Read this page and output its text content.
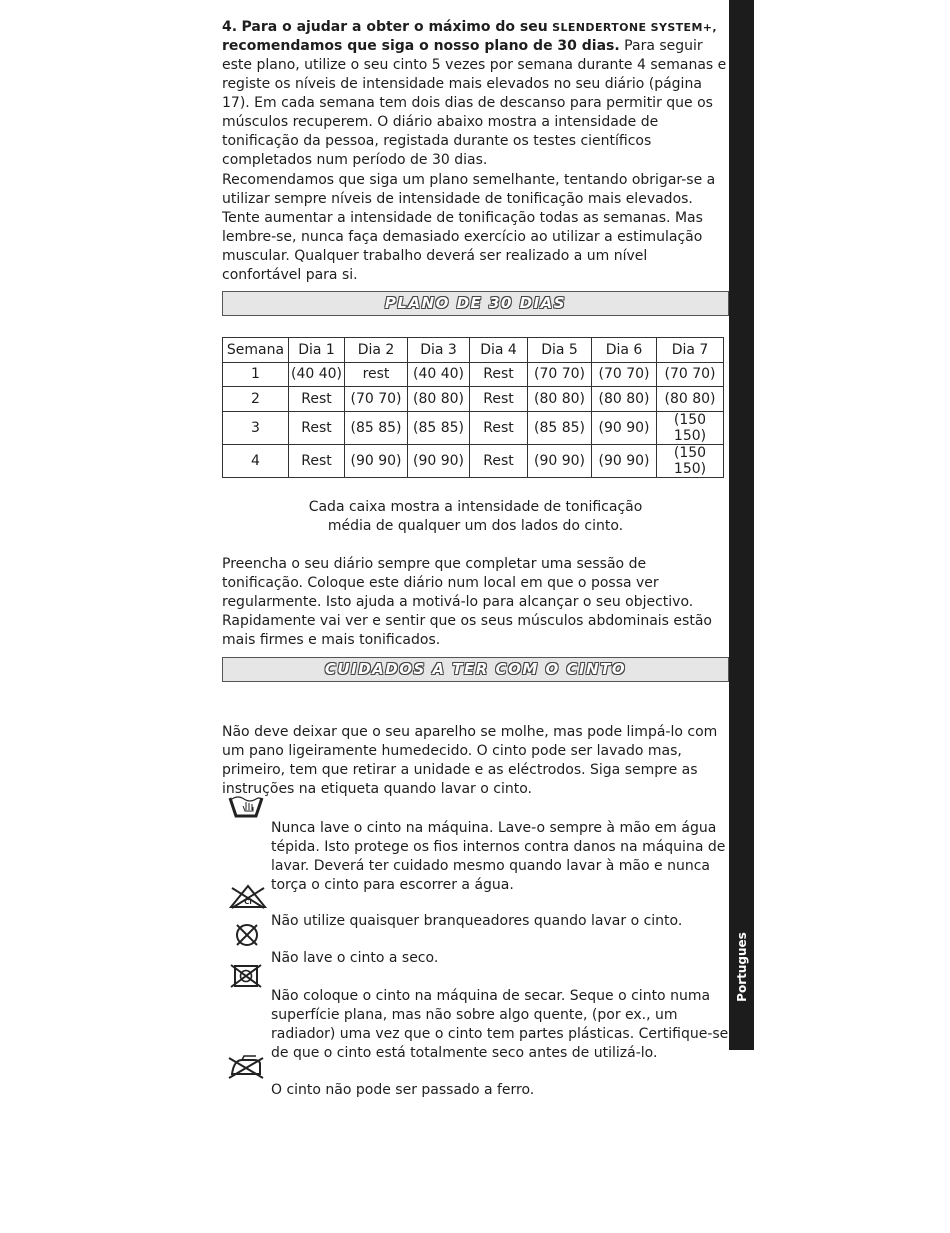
Portugues

4. Para o ajudar a obter o máximo do seu SLENDERTONE SYSTEM+,
recomendamos que siga o nosso plano de 30 dias. Para seguir este plano, utilize o seu cinto 5 vezes por semana durante 4 semanas e registe os níveis de intensidade mais elevados no seu diário (página 17). Em cada semana tem dois dias de descanso para permitir que os músculos recuperem. O diário abaixo mostra a intensidade de tonificação da pessoa, registada durante os testes científicos completados num período de 30 dias.

Recomendamos que siga um plano semelhante, tentando obrigar-se a utilizar sempre níveis de intensidade de tonificação mais elevados. Tente aumentar a intensidade de tonificação todas as semanas. Mas lembre-se, nunca faça demasiado exercício ao utilizar a estimulação muscular. Qualquer trabalho deverá ser realizado a um nível confortável para si.

PLANO DE 30 DIAS
Semana	Dia 1	Dia 2	Dia 3	Dia 4	Dia 5	Dia 6	Dia 7
1	(40 40)	rest	(40 40)	Rest	(70 70)	(70 70)	(70 70)
2	Rest	(70 70)	(80 80)	Rest	(80 80)	(80 80)	(80 80)
3	Rest	(85 85)	(85 85)	Rest	(85 85)	(90 90)	(150 150)
4	Rest	(90 90)	(90 90)	Rest	(90 90)	(90 90)	(150 150)

Cada caixa mostra a intensidade de tonificação

média de qualquer um dos lados do cinto.

Preencha o seu diário sempre que completar uma sessão de tonificação. Coloque este diário num local em que o possa ver regularmente. Isto ajuda a motivá-lo para alcançar o seu objectivo. Rapidamente vai ver e sentir que os seus músculos abdominais estão mais firmes e mais tonificados.

CUIDADOS A TER COM O CINTO

Não deve deixar que o seu aparelho se molhe, mas pode limpá-lo com um pano ligeiramente humedecido. O cinto pode ser lavado mas, primeiro, tem que retirar a unidade e as eléctrodos. Siga sempre as instruções na etiqueta quando lavar o cinto.

Cl

Nunca lave o cinto na máquina. Lave-o sempre à mão em água tépida. Isto protege os fios internos contra danos na máquina de lavar. Deverá ter cuidado mesmo quando lavar à mão e nunca torça o cinto para escorrer a água.

Não utilize quaisquer branqueadores quando lavar o cinto.

Não lave o cinto a seco.

Não coloque o cinto na máquina de secar. Seque o cinto numa superfície plana, mas não sobre algo quente, (por ex., um radiador) uma vez que o cinto tem partes plásticas. Certifique-se de que o cinto está totalmente seco antes de utilizá-lo.

O cinto não pode ser passado a ferro.
